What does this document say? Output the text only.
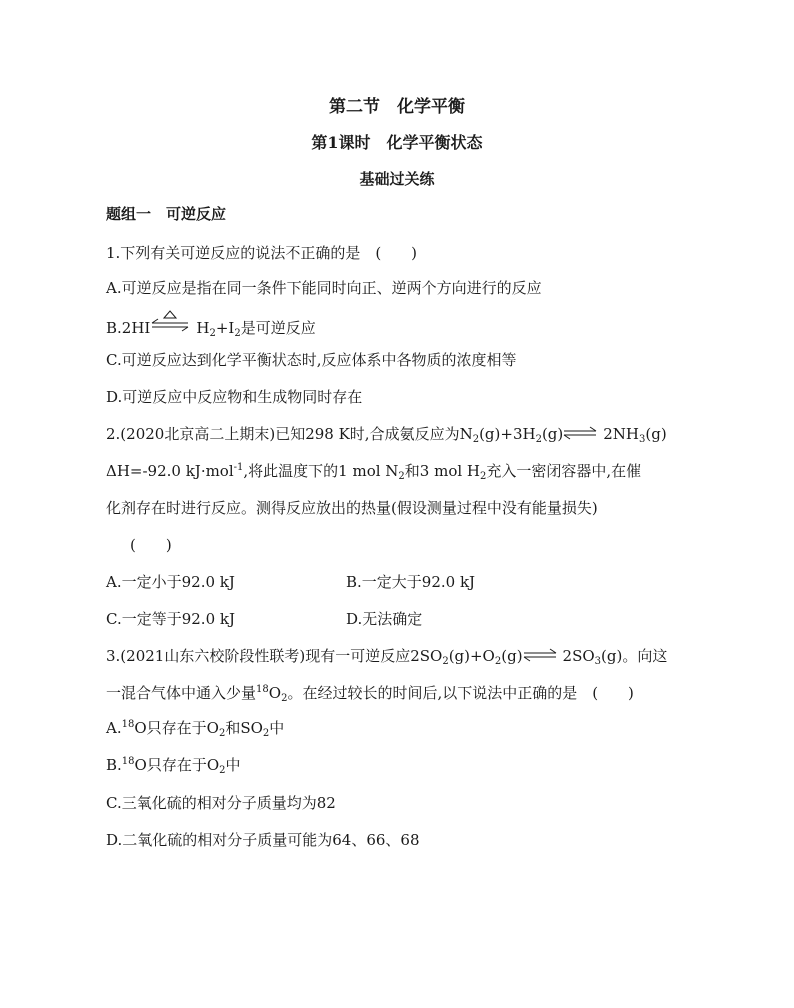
第二节　化学平衡
第1课时　化学平衡状态
基础过关练
题组一　可逆反应
1.下列有关可逆反应的说法不正确的是　(　　)
A.可逆反应是指在同一条件下能同时向正、逆两个方向进行的反应
B.2HI	$H_2+I_2$是可逆反应
C.可逆反应达到化学平衡状态时,反应体系中各物质的浓度相等
D.可逆反应中反应物和生成物同时存在
2.(2020北京高二上期末)已知298 K时,合成氨反应为$N_2(g)+3H_2(g)\rightleftharpoons$ $2NH_3(g)$
ΔH=-92.0 kJ·mol$^{-1}$,将此温度下的1 mol $N_2$和3 mol $H_2$充入一密闭容器中,在催
化剂存在时进行反应。测得反应放出的热量(假设测量过程中没有能量损失)
(　　)
A.一定小于92.0 kJ	B.一定大于92.0 kJ
C.一定等于92.0 kJ	D.无法确定
3.(2021山东六校阶段性联考)现有一可逆反应$2SO_2(g)+O_2(g)\rightleftharpoons$ $2SO_3(g)$。向这
一混合气体中通入少量$^{18}O_2$。在经过较长的时间后,以下说法中正确的是　(　　)
A.$^{18}$O只存在于$O_2$和$SO_2$中
B.$^{18}$O只存在于$O_2$中
C.三氧化硫的相对分子质量均为82
D.二氧化硫的相对分子质量可能为64、66、68
